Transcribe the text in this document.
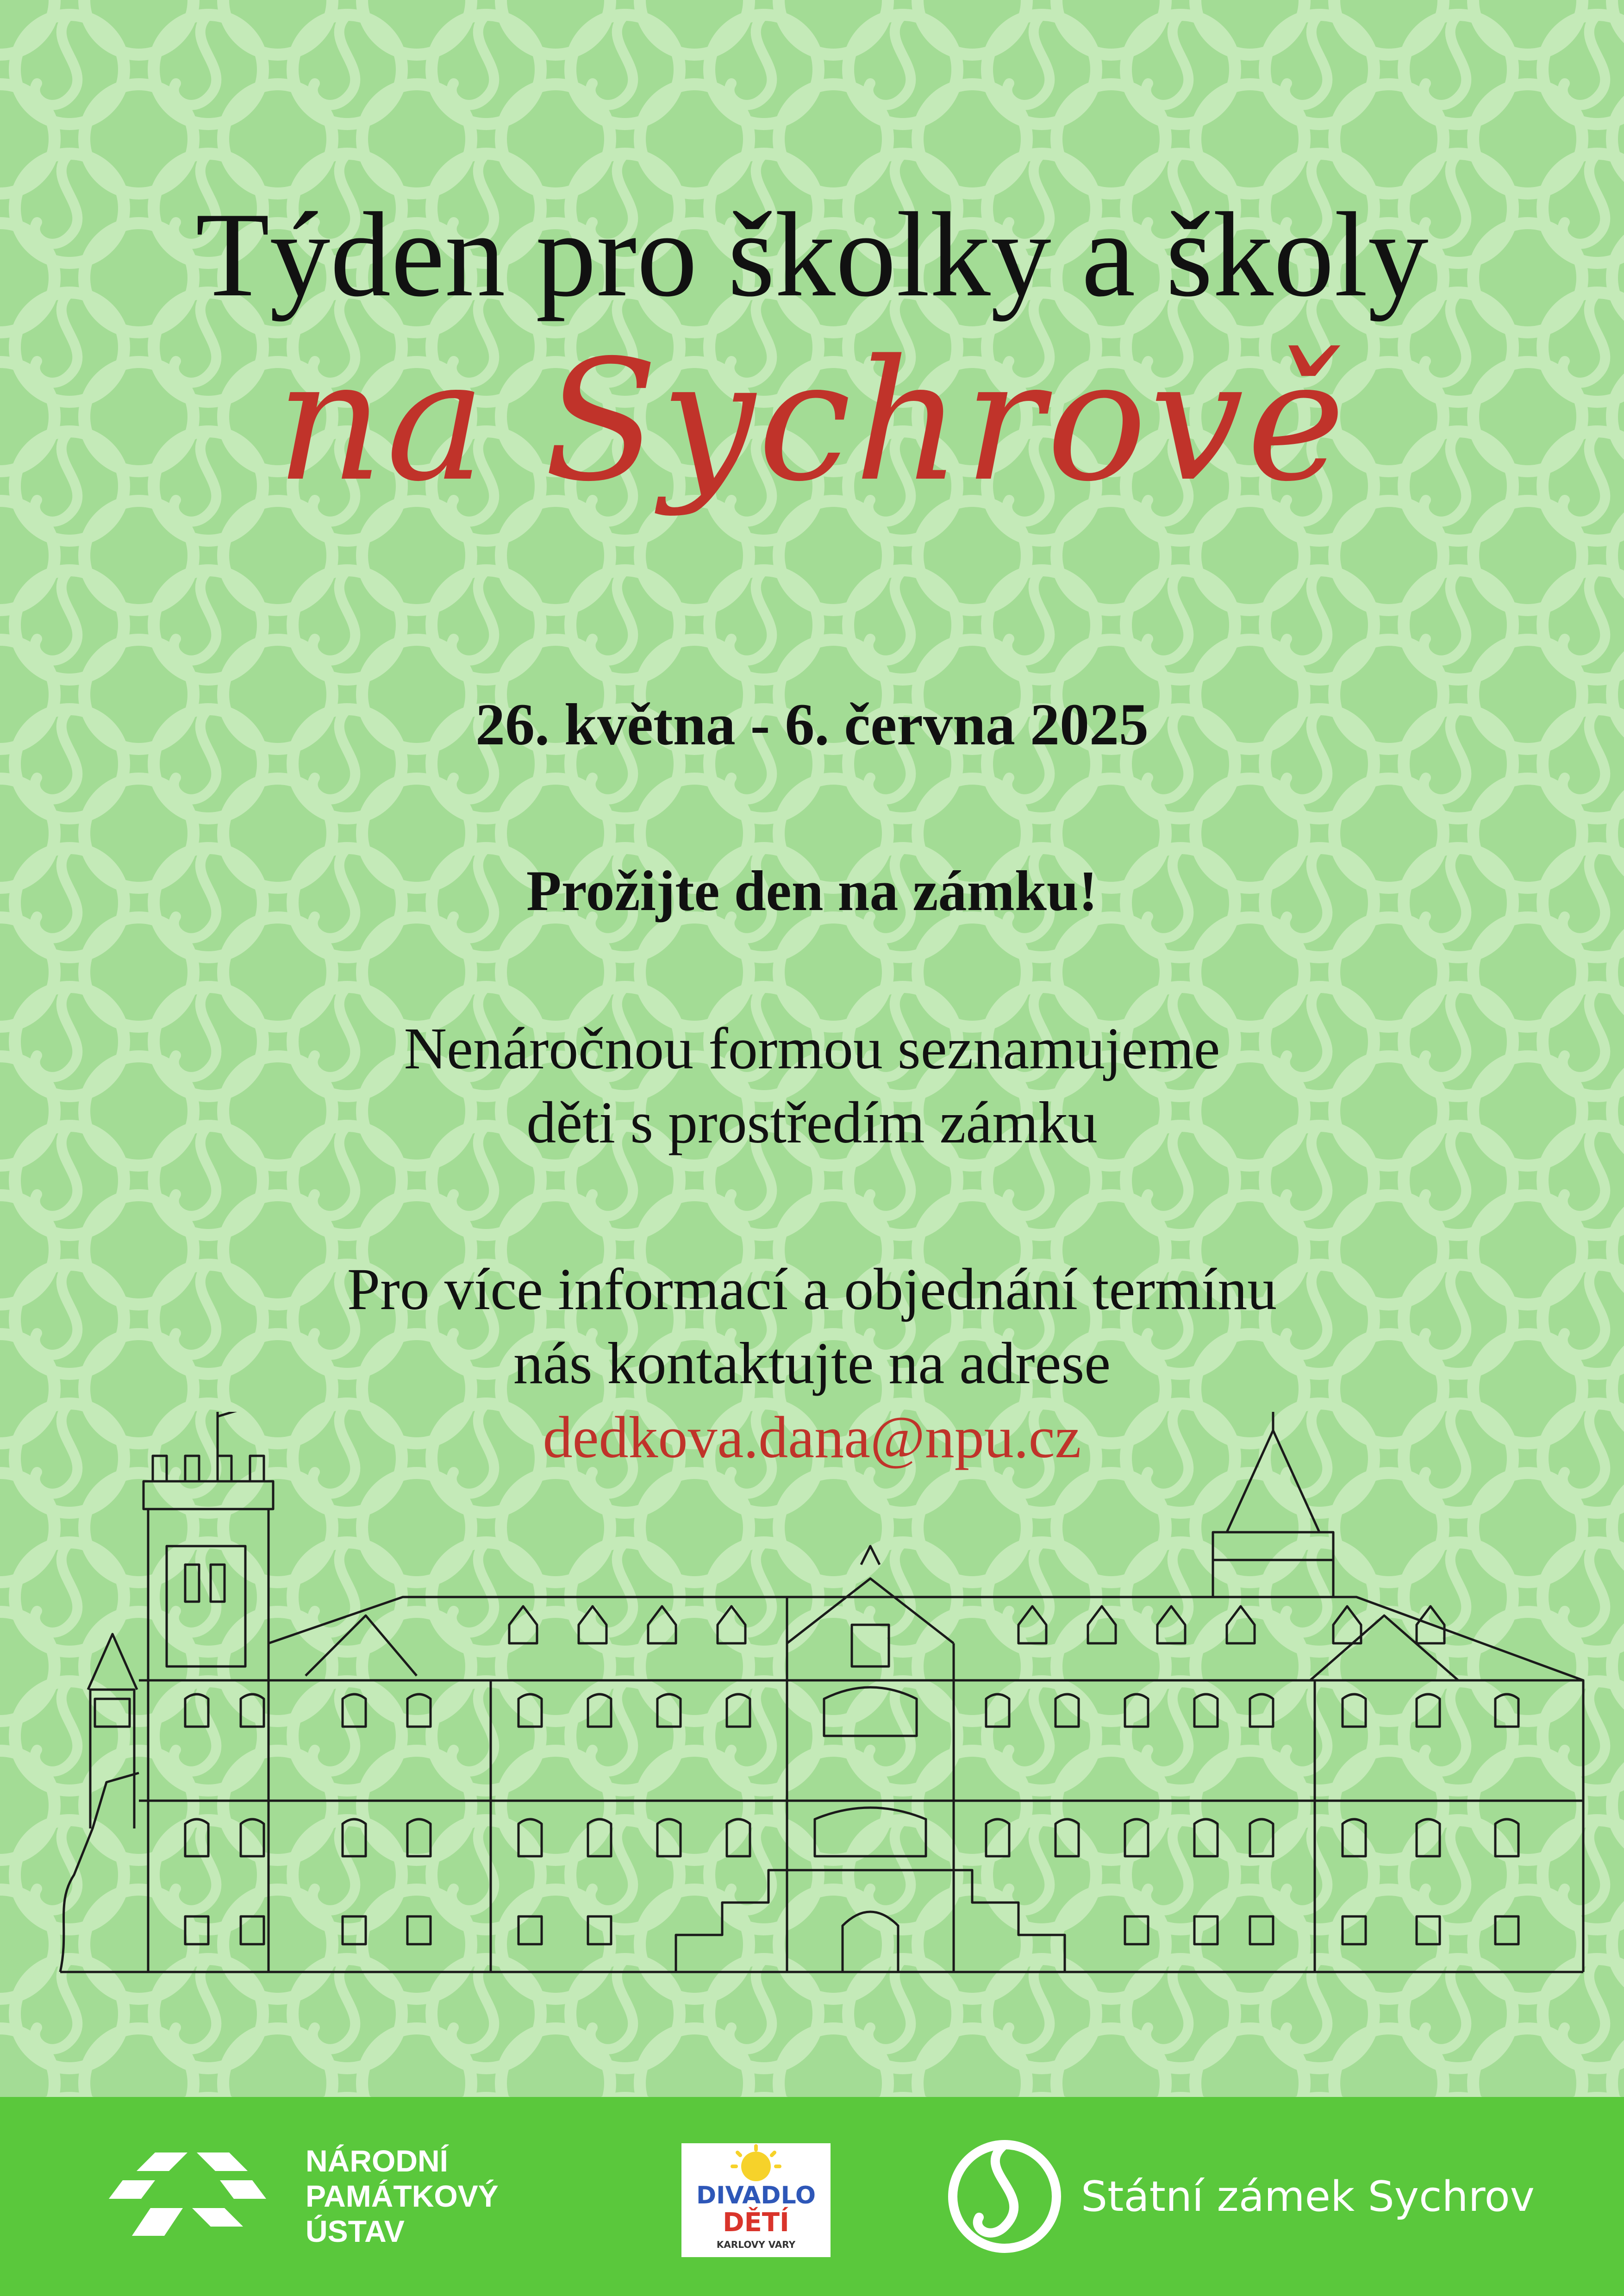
Týden pro školky a školy
na Sychrově
26. května - 6. června 2025
Prožijte den na zámku!
Nenáročnou formou seznamujeme
děti s prostředím zámku
Pro více informací a objednání termínu
nás kontaktujte na adrese
dedkova.dana@npu.cz
NÁRODNÍ
PAMÁTKOVÝ
ÚSTAV
DIVADLO
DĚTÍ
KARLOVY VARY
Státní zámek Sychrov
